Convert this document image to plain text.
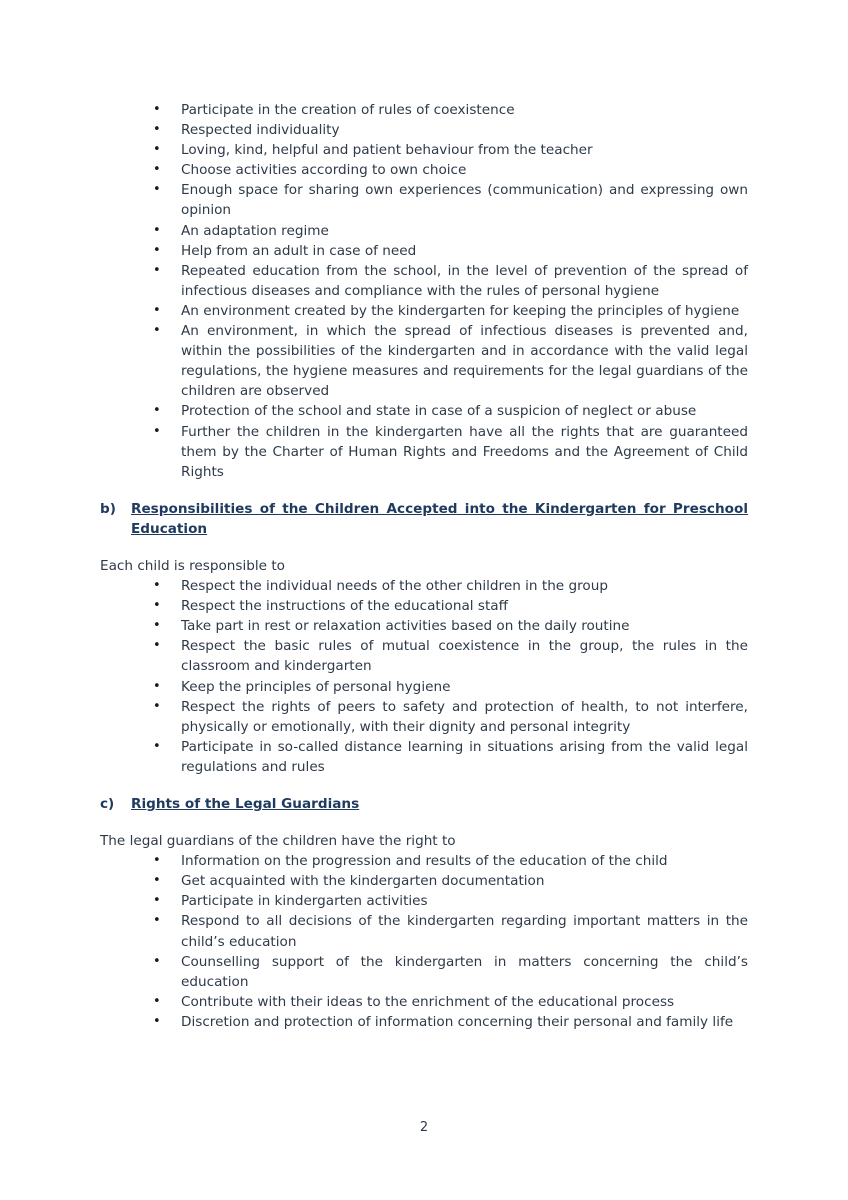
• Participate in the creation of rules of coexistence
• Respected individuality
• Loving, kind, helpful and patient behaviour from the teacher
• Choose activities according to own choice
• Enough space for sharing own experiences (communication) and expressing own opinion
• An adaptation regime
• Help from an adult in case of need
• Repeated education from the school, in the level of prevention of the spread of infectious diseases and compliance with the rules of personal hygiene
• An environment created by the kindergarten for keeping the principles of hygiene
• An environment, in which the spread of infectious diseases is prevented and, within the possibilities of the kindergarten and in accordance with the valid legal regulations, the hygiene measures and requirements for the legal guardians of the children are observed
• Protection of the school and state in case of a suspicion of neglect or abuse
• Further the children in the kindergarten have all the rights that are guaranteed them by the Charter of Human Rights and Freedoms and the Agreement of Child Rights
b)	Responsibilities of the Children Accepted into the Kindergarten for Preschool Education
Each child is responsible to
• Respect the individual needs of the other children in the group
• Respect the instructions of the educational staff
• Take part in rest or relaxation activities based on the daily routine
• Respect the basic rules of mutual coexistence in the group, the rules in the classroom and kindergarten
• Keep the principles of personal hygiene
• Respect the rights of peers to safety and protection of health, to not interfere, physically or emotionally, with their dignity and personal integrity
• Participate in so-called distance learning in situations arising from the valid legal regulations and rules
c)	Rights of the Legal Guardians
The legal guardians of the children have the right to
• Information on the progression and results of the education of the child
• Get acquainted with the kindergarten documentation
• Participate in kindergarten activities
• Respond to all decisions of the kindergarten regarding important matters in the child’s education
• Counselling support of the kindergarten in matters concerning the child’s education
• Contribute with their ideas to the enrichment of the educational process
• Discretion and protection of information concerning their personal and family life
2
